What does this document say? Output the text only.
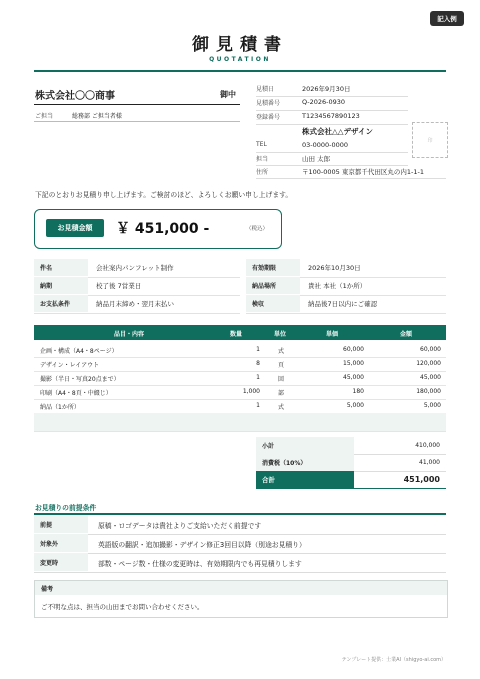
記入例
御見積書
QUOTATION
株式会社〇〇商事	御中
ご担当	総務部 ご担当者様
見積日	2026年9月30日
見積番号	Q-2026-0930
登録番号	T1234567890123
株式会社△△デザイン
印
TEL	03-0000-0000
担当	山田 太郎
住所	〒100-0005 東京都千代田区丸の内1-1-1
下記のとおりお見積り申し上げます。ご検討のほど、よろしくお願い申し上げます。
お見積金額	￥ 451,000 -	（税込）
件名	会社案内パンフレット制作	有効期限	2026年10月30日
納期	校了後 7営業日	納品場所	貴社 本社（1か所）
お支払条件	納品月末締め・翌月末払い	検収	納品後7日以内にご確認
品目・内容	数量	単位	単価	金額
企画・構成（A4・8ページ）	1	式	60,000	60,000
デザイン・レイアウト	8	頁	15,000	120,000
撮影（半日・写真20点まで）	1	回	45,000	45,000
印刷（A4・8頁・中綴じ）	1,000	部	180	180,000
納品（1か所）	1	式	5,000	5,000
小計	410,000
消費税（10%）	41,000
合計	451,000
お見積りの前提条件
前提	原稿・ロゴデータは貴社よりご支給いただく前提です
対象外	英語版の翻訳・追加撮影・デザイン修正3回目以降（別途お見積り）
変更時	部数・ページ数・仕様の変更時は、有効期限内でも再見積りします
備考
ご不明な点は、担当の山田までお問い合わせください。
テンプレート提供：士業AI（shigyo-ai.com）
